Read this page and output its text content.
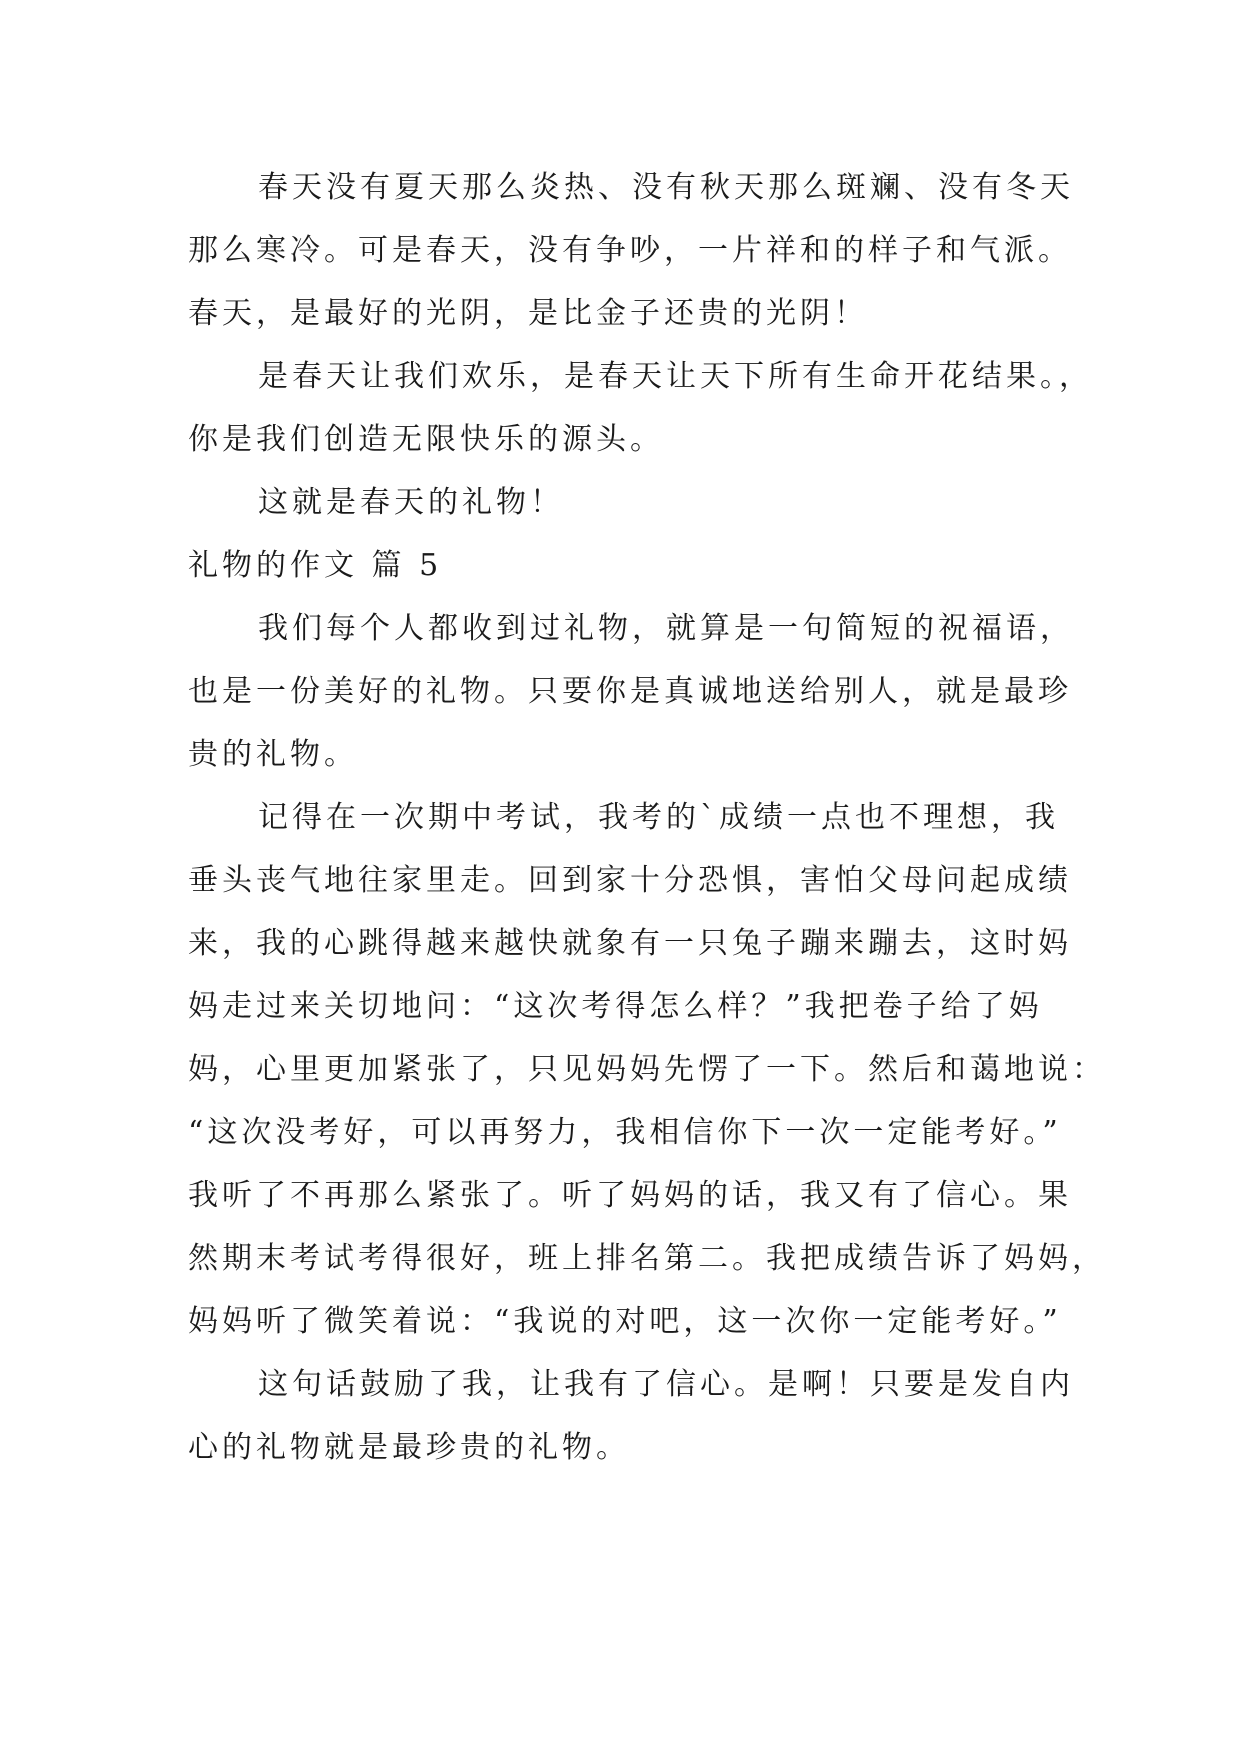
春天没有夏天那么炎热、没有秋天那么斑斓、没有冬天
那么寒冷。可是春天，没有争吵，一片祥和的样子和气派。
春天，是最好的光阴，是比金子还贵的光阴！
是春天让我们欢乐，是春天让天下所有生命开花结果。，
你是我们创造无限快乐的源头。
这就是春天的礼物！
礼物的作文 篇 5
我们每个人都收到过礼物，就算是一句简短的祝福语，
也是一份美好的礼物。只要你是真诚地送给别人，就是最珍
贵的礼物。
记得在一次期中考试，我考的`成绩一点也不理想，我
垂头丧气地往家里走。回到家十分恐惧，害怕父母问起成绩
来，我的心跳得越来越快就象有一只兔子蹦来蹦去，这时妈
妈走过来关切地问：“这次考得怎么样？”我把卷子给了妈
妈，心里更加紧张了，只见妈妈先愣了一下。然后和蔼地说：
“这次没考好，可以再努力，我相信你下一次一定能考好。”
我听了不再那么紧张了。听了妈妈的话，我又有了信心。果
然期末考试考得很好，班上排名第二。我把成绩告诉了妈妈，
妈妈听了微笑着说：“我说的对吧，这一次你一定能考好。”
这句话鼓励了我，让我有了信心。是啊！只要是发自内
心的礼物就是最珍贵的礼物。
